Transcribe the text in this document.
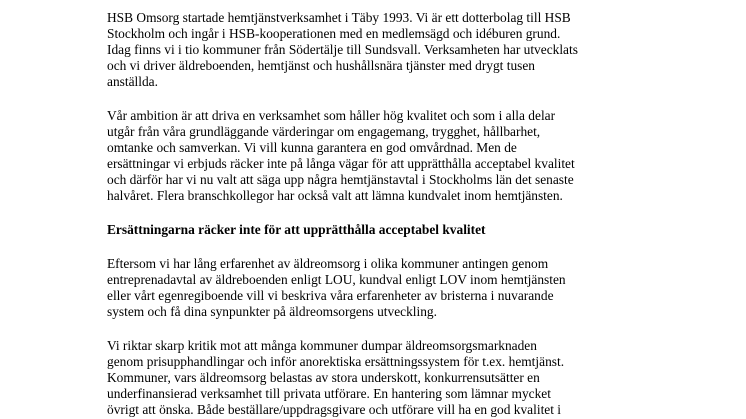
HSB Omsorg startade hemtjänstverksamhet i Täby 1993. Vi är ett dotterbolag till HSB
Stockholm och ingår i HSB-kooperationen med en medlemsägd och idéburen grund.
Idag finns vi i tio kommuner från Södertälje till Sundsvall. Verksamheten har utvecklats
och vi driver äldreboenden, hemtjänst och hushållsnära tjänster med drygt tusen
anställda.
Vår ambition är att driva en verksamhet som håller hög kvalitet och som i alla delar
utgår från våra grundläggande värderingar om engagemang, trygghet, hållbarhet,
omtanke och samverkan. Vi vill kunna garantera en god omvårdnad. Men de
ersättningar vi erbjuds räcker inte på långa vägar för att upprätthålla acceptabel kvalitet
och därför har vi nu valt att säga upp några hemtjänstavtal i Stockholms län det senaste
halvåret. Flera branschkollegor har också valt att lämna kundvalet inom hemtjänsten.
Ersättningarna räcker inte för att upprätthålla acceptabel kvalitet
Eftersom vi har lång erfarenhet av äldreomsorg i olika kommuner antingen genom
entreprenadavtal av äldreboenden enligt LOU, kundval enligt LOV inom hemtjänsten
eller vårt egenregiboende vill vi beskriva våra erfarenheter av bristerna i nuvarande
system och få dina synpunkter på äldreomsorgens utveckling.
Vi riktar skarp kritik mot att många kommuner dumpar äldreomsorgsmarknaden
genom prisupphandlingar och inför anorektiska ersättningssystem för t.ex. hemtjänst.
Kommuner, vars äldreomsorg belastas av stora underskott, konkurrensutsätter en
underfinansierad verksamhet till privata utförare. En hantering som lämnar mycket
övrigt att önska. Både beställare/uppdragsgivare och utförare vill ha en god kvalitet i
